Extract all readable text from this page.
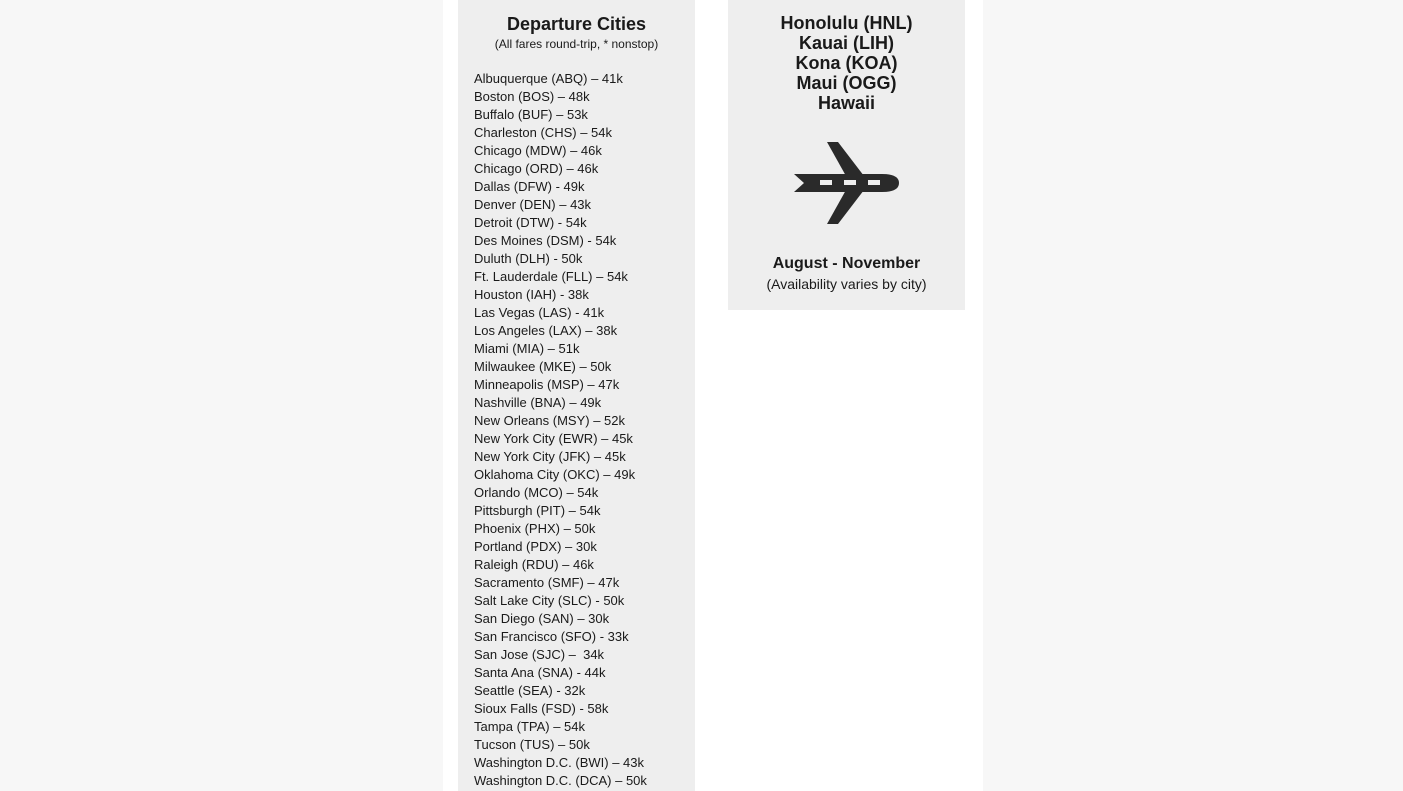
Departure Cities
(All fares round-trip, * nonstop)
Albuquerque (ABQ) – 41k
Boston (BOS) – 48k
Buffalo (BUF) – 53k
Charleston (CHS) – 54k
Chicago (MDW) – 46k
Chicago (ORD) – 46k
Dallas (DFW) - 49k
Denver (DEN) – 43k
Detroit (DTW) - 54k
Des Moines (DSM) - 54k
Duluth (DLH) - 50k
Ft. Lauderdale (FLL) – 54k
Houston (IAH) - 38k
Las Vegas (LAS) - 41k
Los Angeles (LAX) – 38k
Miami (MIA) – 51k
Milwaukee (MKE) – 50k
Minneapolis (MSP) – 47k
Nashville (BNA) – 49k
New Orleans (MSY) – 52k
New York City (EWR) – 45k
New York City (JFK) – 45k
Oklahoma City (OKC) – 49k
Orlando (MCO) – 54k
Pittsburgh (PIT) – 54k
Phoenix (PHX) – 50k
Portland (PDX) – 30k
Raleigh (RDU) – 46k
Sacramento (SMF) – 47k
Salt Lake City (SLC) - 50k
San Diego (SAN) – 30k
San Francisco (SFO) - 33k
San Jose (SJC) –  34k
Santa Ana (SNA) - 44k
Seattle (SEA) - 32k
Sioux Falls (FSD) - 58k
Tampa (TPA) – 54k
Tucson (TUS) – 50k
Washington D.C. (BWI) – 43k
Washington D.C. (DCA) – 50k
Honolulu (HNL)
Kauai (LIH)
Kona (KOA)
Maui (OGG)
Hawaii
August - November
(Availability varies by city)
